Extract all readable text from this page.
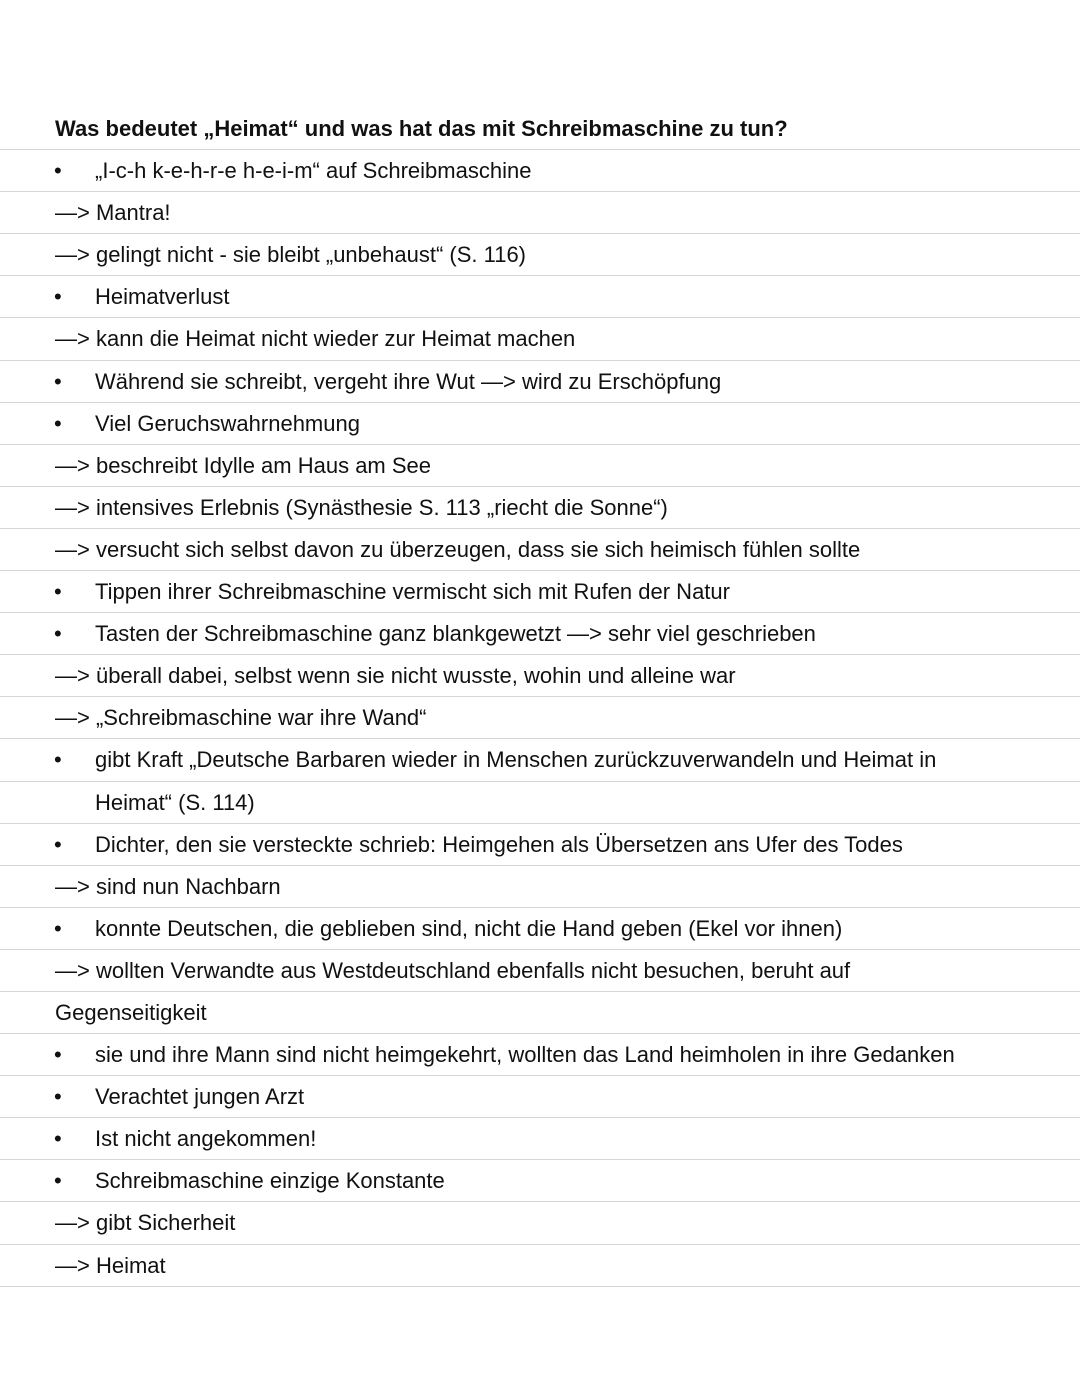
Was bedeutet „Heimat“ und was hat das mit Schreibmaschine zu tun?
• „I-c-h k-e-h-r-e h-e-i-m“ auf Schreibmaschine
—> Mantra!
—> gelingt nicht - sie bleibt „unbehaust“ (S. 116)
• Heimatverlust
—> kann die Heimat nicht wieder zur Heimat machen
• Während sie schreibt, vergeht ihre Wut —> wird zu Erschöpfung
• Viel Geruchswahrnehmung
—> beschreibt Idylle am Haus am See
—> intensives Erlebnis (Synästhesie S. 113 „riecht die Sonne“)
—> versucht sich selbst davon zu überzeugen, dass sie sich heimisch fühlen sollte
• Tippen ihrer Schreibmaschine vermischt sich mit Rufen der Natur
• Tasten der Schreibmaschine ganz blankgewetzt —> sehr viel geschrieben
—> überall dabei, selbst wenn sie nicht wusste, wohin und alleine war
—> „Schreibmaschine war ihre Wand“
• gibt Kraft „Deutsche Barbaren wieder in Menschen zurückzuverwandeln und Heimat in
Heimat“ (S. 114)
• Dichter, den sie versteckte schrieb: Heimgehen als Übersetzen ans Ufer des Todes
—> sind nun Nachbarn
• konnte Deutschen, die geblieben sind, nicht die Hand geben (Ekel vor ihnen)
—> wollten Verwandte aus Westdeutschland ebenfalls nicht besuchen, beruht auf
Gegenseitigkeit
• sie und ihre Mann sind nicht heimgekehrt, wollten das Land heimholen in ihre Gedanken
• Verachtet jungen Arzt
• Ist nicht angekommen!
• Schreibmaschine einzige Konstante
—> gibt Sicherheit
—> Heimat
